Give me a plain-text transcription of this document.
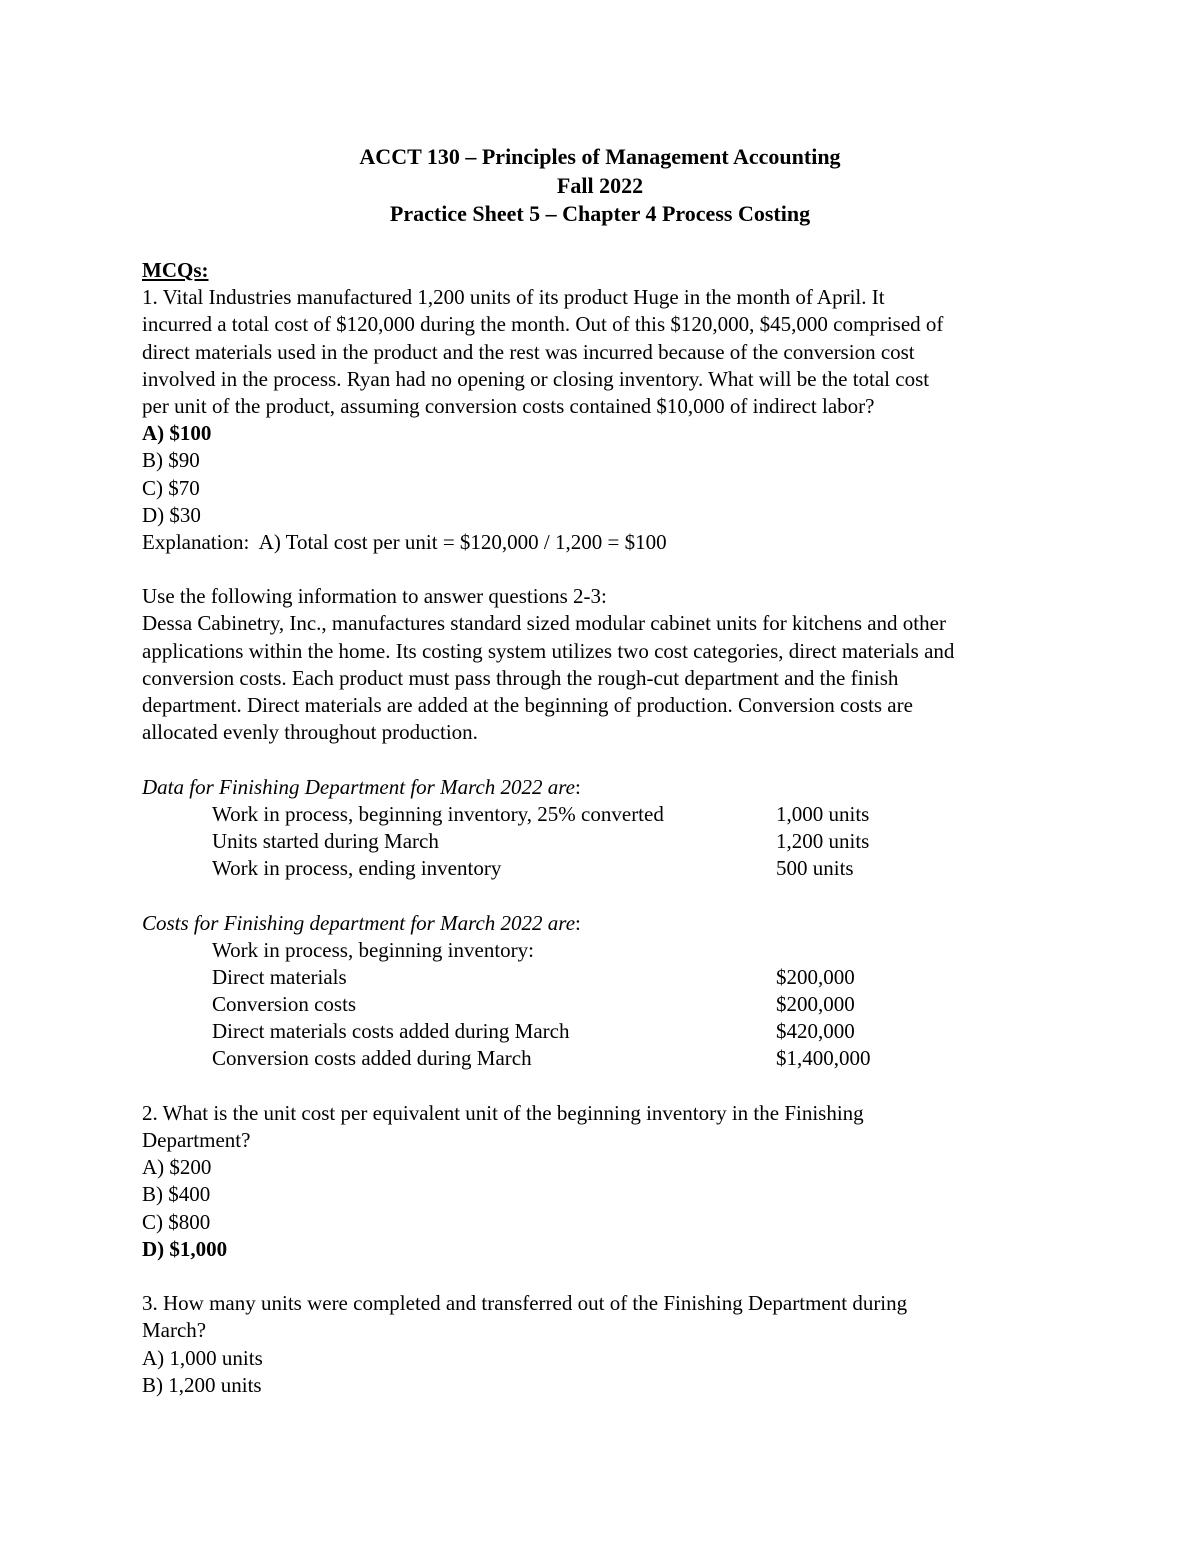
ACCT 130 – Principles of Management Accounting
Fall 2022
Practice Sheet 5 – Chapter 4 Process Costing
MCQs:
1. Vital Industries manufactured 1,200 units of its product Huge in the month of April. It
incurred a total cost of $120,000 during the month. Out of this $120,000, $45,000 comprised of
direct materials used in the product and the rest was incurred because of the conversion cost
involved in the process. Ryan had no opening or closing inventory. What will be the total cost
per unit of the product, assuming conversion costs contained $10,000 of indirect labor?
A) $100
B) $90
C) $70
D) $30
Explanation:  A) Total cost per unit = $120,000 / 1,200 = $100
Use the following information to answer questions 2-3:
Dessa Cabinetry, Inc., manufactures standard sized modular cabinet units for kitchens and other
applications within the home. Its costing system utilizes two cost categories, direct materials and
conversion costs. Each product must pass through the rough-cut department and the finish
department. Direct materials are added at the beginning of production. Conversion costs are
allocated evenly throughout production.
Data for Finishing Department for March 2022 are:
Work in process, beginning inventory, 25% converted	1,000 units
Units started during March	1,200 units
Work in process, ending inventory	500 units
Costs for Finishing department for March 2022 are:
Work in process, beginning inventory:
Direct materials	$200,000
Conversion costs	$200,000
Direct materials costs added during March	$420,000
Conversion costs added during March	$1,400,000
2. What is the unit cost per equivalent unit of the beginning inventory in the Finishing
Department?
A) $200
B) $400
C) $800
D) $1,000
3. How many units were completed and transferred out of the Finishing Department during
March?
A) 1,000 units
B) 1,200 units
